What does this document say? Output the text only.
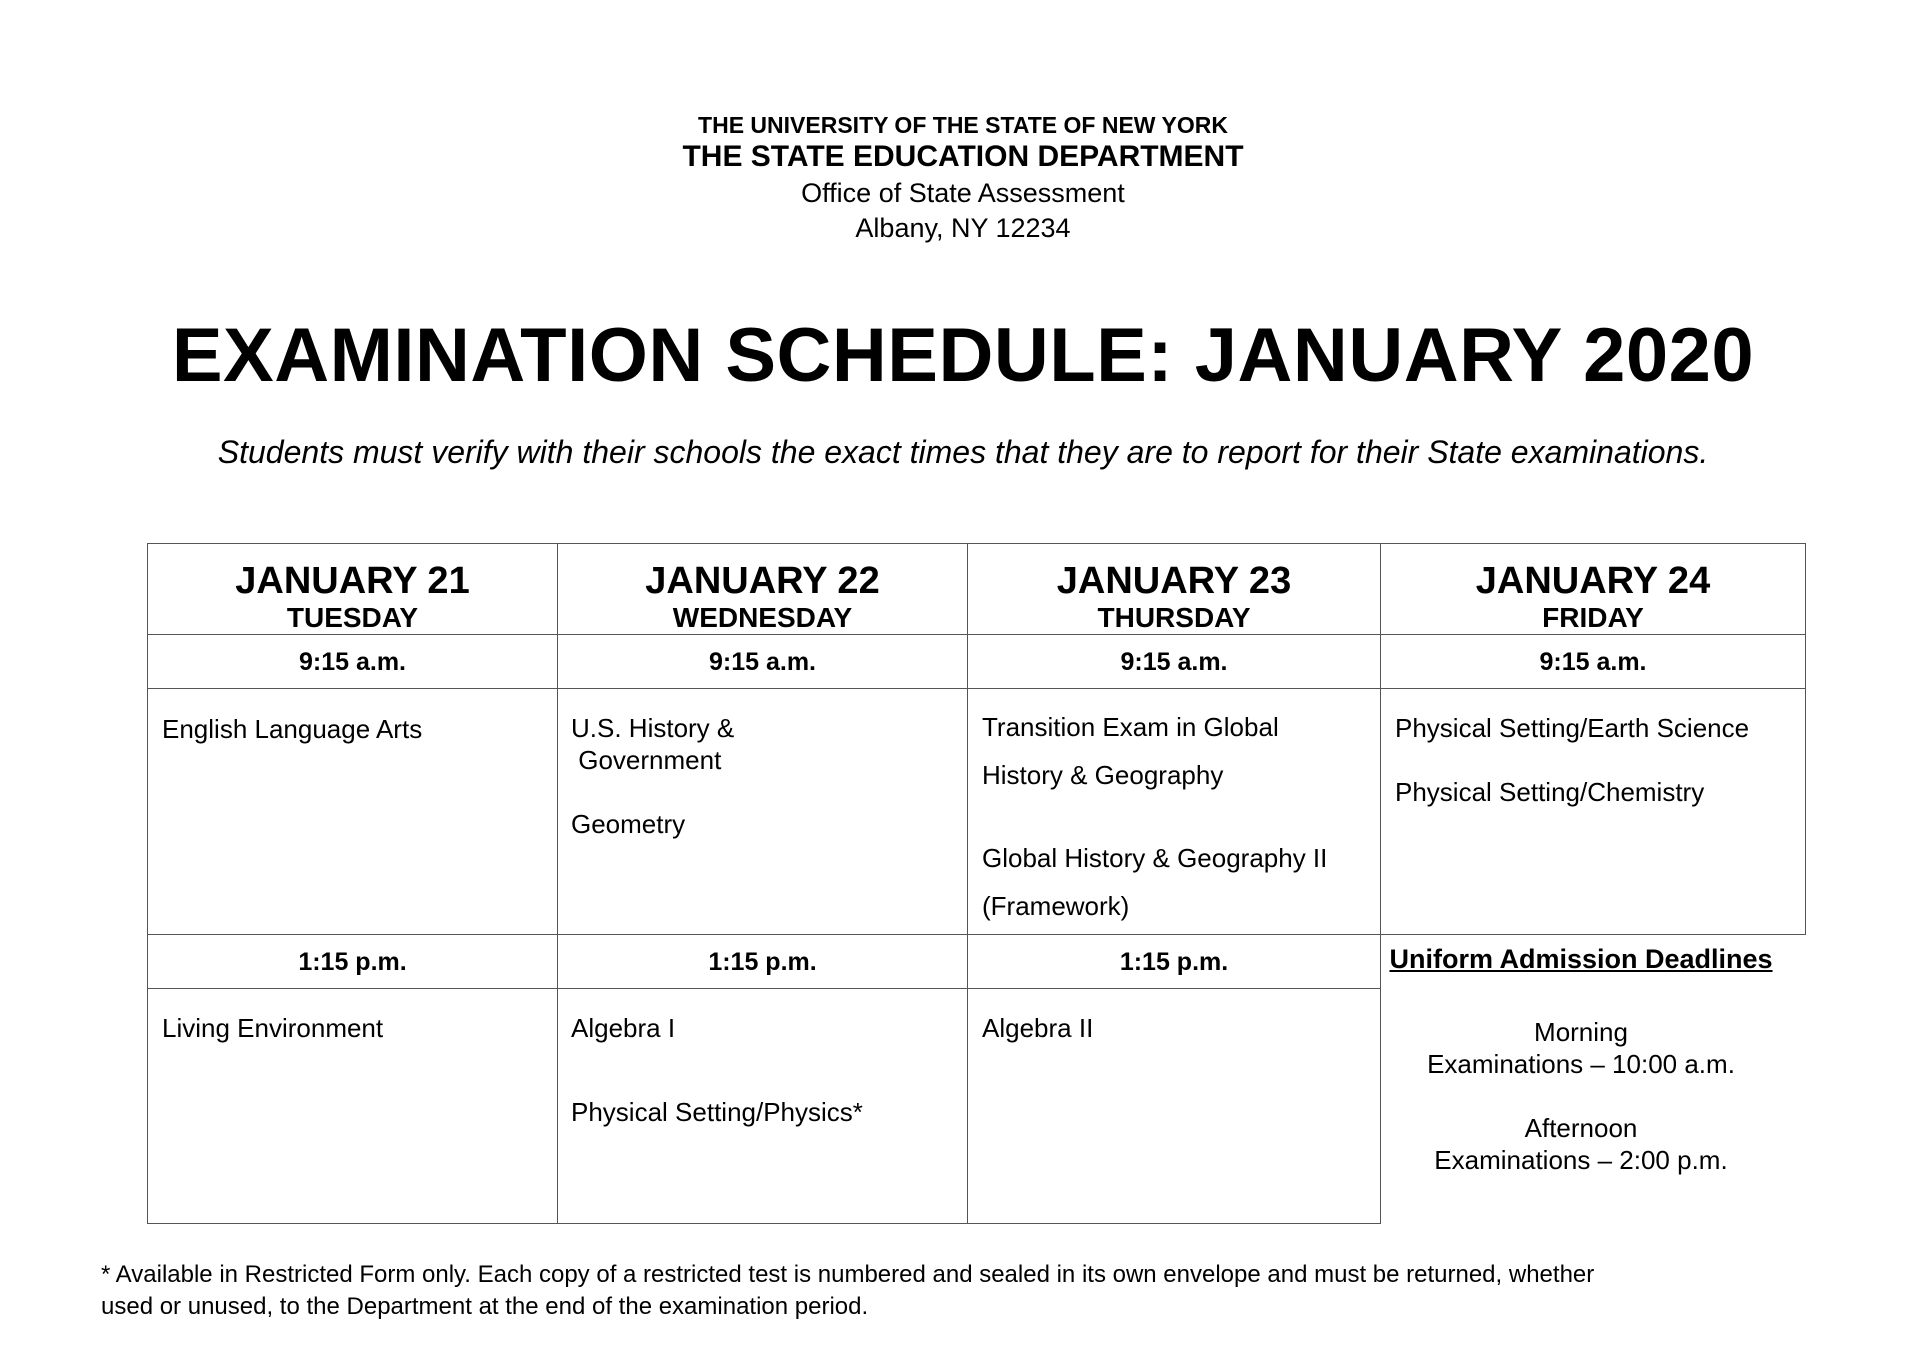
THE UNIVERSITY OF THE STATE OF NEW YORK
THE STATE EDUCATION DEPARTMENT
Office of State Assessment
Albany, NY 12234
EXAMINATION SCHEDULE: JANUARY 2020
Students must verify with their schools the exact times that they are to report for their State examinations.
JANUARY 21
TUESDAY
9:15 a.m.
English Language Arts
1:15 p.m.
Living Environment
JANUARY 22
WEDNESDAY
9:15 a.m.
U.S. History &
Government
Geometry
1:15 p.m.
Algebra I
Physical Setting/Physics*
JANUARY 23
THURSDAY
9:15 a.m.
Transition Exam in Global
History & Geography
Global History & Geography II
(Framework)
1:15 p.m.
Algebra II
JANUARY 24
FRIDAY
9:15 a.m.
Physical Setting/Earth Science
Physical Setting/Chemistry
Uniform Admission Deadlines
Morning
Examinations – 10:00 a.m.
Afternoon
Examinations – 2:00 p.m.
* Available in Restricted Form only. Each copy of a restricted test is numbered and sealed in its own envelope and must be returned, whether
used or unused, to the Department at the end of the examination period.
